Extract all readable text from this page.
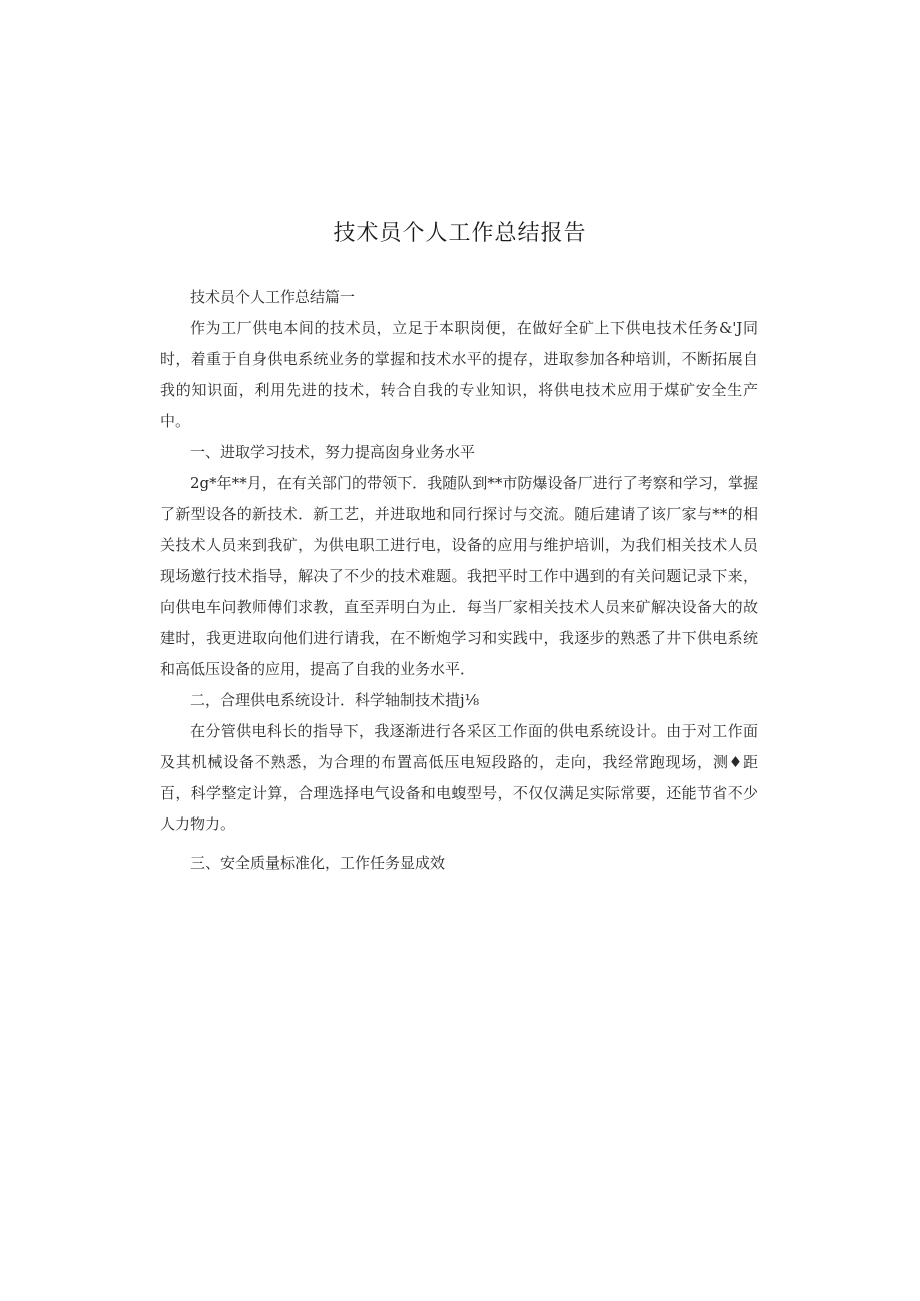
技术员个人工作总结报告

技术员个人工作总结篇一

作为工厂供电本间的技术员，立足于本职岗便，在做好全矿上下供电技术任务&'J同时，着重于自身供电系统业务的掌握和技术水平的提存，进取参加各种培训，不断拓展自我的知识面，利用先进的技术，转合自我的专业知识，将供电技术应用于煤矿安全生产中。

一、进取学习技术，努力提高囱身业务水平

2g*年**月，在有关部门的带领下．我随队到**市防爆设备厂进行了考察和学习，掌握了新型设各的新技术．新工艺，并进取地和同行探讨与交流。随后建请了该厂家与**的相关技术人员来到我矿，为供电职工进行电，设备的应用与维护培训，为我们相关技术人员现场邀行技术指导，解决了不少的技术难题。我把平时工作中遇到的有关问题记录下来，向供电车问教师傅们求教，直至弄明白为止．每当厂家相关技术人员来矿解决设备大的故建时，我更进取向他们进行请我，在不断炮学习和实践中，我逐步的熟悉了井下供电系统和高低压设备的应用，提高了自我的业务水平．

二，合理供电系统设计．科学轴制技术措j⅛

在分管供电科长的指导下，我逐渐进行各采区工作面的供电系统设计。由于对工作面及其机械设备不熟悉，为合理的布置高低压电短段路的，走向，我经常跑现场，测♦距百，科学整定计算，合理选择电气设备和电蝮型号，不仅仅满足实际常要，还能节省不少人力物力。

三、安全质量标准化，工作任务显成效
